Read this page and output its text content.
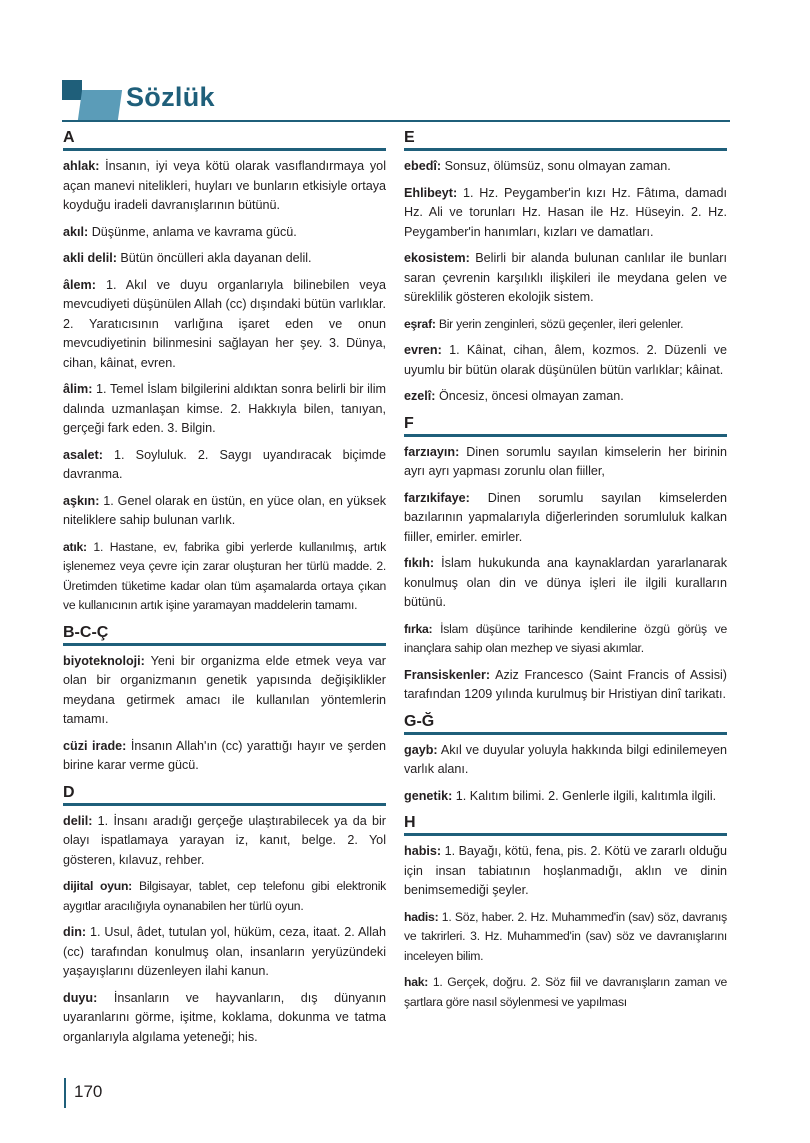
Sözlük
A
ahlak: İnsanın, iyi veya kötü olarak vasıflandırmaya yol açan manevi nitelikleri, huyları ve bunların etkisiyle ortaya koyduğu iradeli davranışlarının bütünü.
akıl: Düşünme, anlama ve kavrama gücü.
akli delil: Bütün öncülleri akla dayanan delil.
âlem: 1. Akıl ve duyu organlarıyla bilinebilen veya mevcudiyeti düşünülen Allah (cc) dışındaki bütün varlıklar. 2. Yaratıcısının varlığına işaret eden ve onun mevcudiyetinin bilinmesini sağlayan her şey. 3. Dünya, cihan, kâinat, evren.
âlim: 1. Temel İslam bilgilerini aldıktan sonra belirli bir ilim dalında uzmanlaşan kimse. 2. Hakkıyla bilen, tanıyan, gerçeği fark eden. 3. Bilgin.
asalet: 1. Soyluluk. 2. Saygı uyandıracak biçimde davranma.
aşkın: 1. Genel olarak en üstün, en yüce olan, en yüksek niteliklere sahip bulunan varlık.
atık: 1. Hastane, ev, fabrika gibi yerlerde kullanılmış, artık işlenemez veya çevre için zarar oluşturan her türlü madde. 2. Üretimden tüketime kadar olan tüm aşamalarda ortaya çıkan ve kullanıcının artık işine yaramayan maddelerin tamamı.
B-C-Ç
biyoteknoloji: Yeni bir organizma elde etmek veya var olan bir organizmanın genetik yapısında değişiklikler meydana getirmek amacı ile kullanılan yöntemlerin tamamı.
cüzi irade: İnsanın Allah'ın (cc) yarattığı hayır ve şerden birine karar verme gücü.
D
delil: 1. İnsanı aradığı gerçeğe ulaştırabilecek ya da bir olayı ispatlamaya yarayan iz, kanıt, belge. 2. Yol gösteren, kılavuz, rehber.
dijital oyun: Bilgisayar, tablet, cep telefonu gibi elektronik aygıtlar aracılığıyla oynanabilen her türlü oyun.
din: 1. Usul, âdet, tutulan yol, hüküm, ceza, itaat. 2. Allah (cc) tarafından konulmuş olan, insanların yeryüzündeki yaşayışlarını düzenleyen ilahi kanun.
duyu: İnsanların ve hayvanların, dış dünyanın uyaranlarını görme, işitme, koklama, dokunma ve tatma organlarıyla algılama yeteneği; his.
E
ebedî: Sonsuz, ölümsüz, sonu olmayan zaman.
Ehlibeyt: 1. Hz. Peygamber'in kızı Hz. Fâtıma, damadı Hz. Ali ve torunları Hz. Hasan ile Hz. Hüseyin. 2. Hz. Peygamber'in hanımları, kızları ve damatları.
ekosistem: Belirli bir alanda bulunan canlılar ile bunları saran çevrenin karşılıklı ilişkileri ile meydana gelen ve süreklilik gösteren ekolojik sistem.
eşraf: Bir yerin zenginleri, sözü geçenler, ileri gelenler.
evren: 1. Kâinat, cihan, âlem, kozmos. 2. Düzenli ve uyumlu bir bütün olarak düşünülen bütün varlıklar; kâinat.
ezelî: Öncesiz, öncesi olmayan zaman.
F
farzıayın: Dinen sorumlu sayılan kimselerin her birinin ayrı ayrı yapması zorunlu olan fiiller,
farzıkifaye: Dinen sorumlu sayılan kimselerden bazılarının yapmalarıyla diğerlerinden sorumluluk kalkan fiiller, emirler. emirler.
fıkıh: İslam hukukunda ana kaynaklardan yararlanarak konulmuş olan din ve dünya işleri ile ilgili kuralların bütünü.
fırka: İslam düşünce tarihinde kendilerine özgü görüş ve inançlara sahip olan mezhep ve siyasi akımlar.
Fransiskenler: Aziz Francesco (Saint Francis of Assisi) tarafından 1209 yılında kurulmuş bir Hristiyan dinî tarikatı.
G-Ğ
gayb: Akıl ve duyular yoluyla hakkında bilgi edinilemeyen varlık alanı.
genetik: 1. Kalıtım bilimi. 2. Genlerle ilgili, kalıtımla ilgili.
H
habis: 1. Bayağı, kötü, fena, pis. 2. Kötü ve zararlı olduğu için insan tabiatının hoşlanmadığı, aklın ve dinin benimsemediği şeyler.
hadis: 1. Söz, haber. 2. Hz. Muhammed'in (sav) söz, davranış ve takrirleri. 3. Hz. Muhammed'in (sav) söz ve davranışlarını inceleyen bilim.
hak: 1. Gerçek, doğru. 2. Söz fiil ve davranışların zaman ve şartlara göre nasıl söylenmesi ve yapılması
170
